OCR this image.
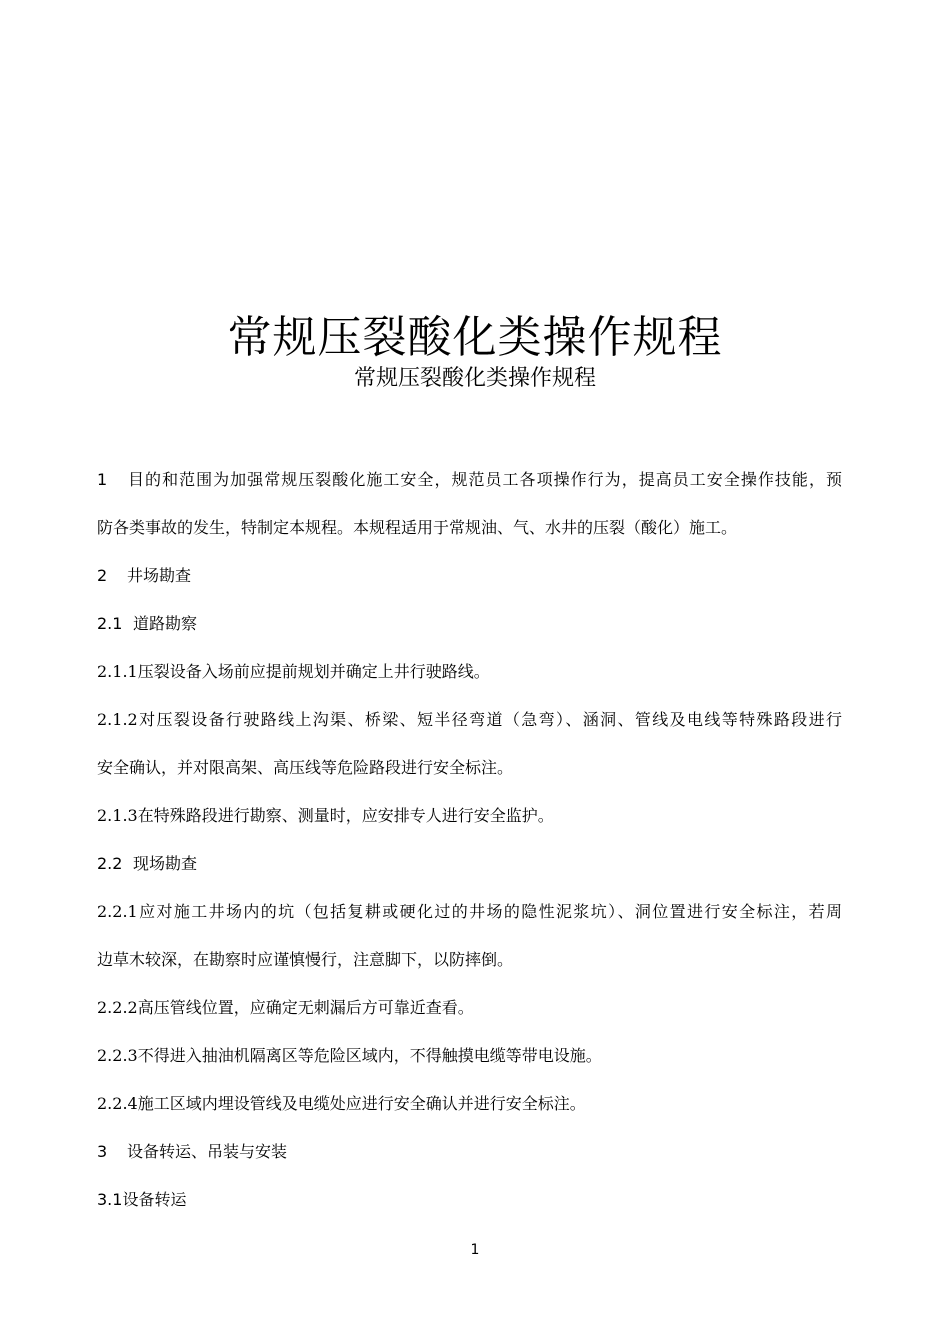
常规压裂酸化类操作规程
常规压裂酸化类操作规程
1 目的和范围为加强常规压裂酸化施工安全，规范员工各项操作行为，提高员工安全操作技能，预
防各类事故的发生，特制定本规程。本规程适用于常规油、气、水井的压裂（酸化）施工。
2 井场勘查
2.1 道路勘察
2.1.1压裂设备入场前应提前规划并确定上井行驶路线。
2.1.2对压裂设备行驶路线上沟渠、桥梁、短半径弯道（急弯）、涵洞、管线及电线等特殊路段进行
安全确认，并对限高架、高压线等危险路段进行安全标注。
2.1.3在特殊路段进行勘察、测量时，应安排专人进行安全监护。
2.2 现场勘查
2.2.1应对施工井场内的坑（包括复耕或硬化过的井场的隐性泥浆坑）、洞位置进行安全标注，若周
边草木较深，在勘察时应谨慎慢行，注意脚下，以防摔倒。
2.2.2高压管线位置，应确定无刺漏后方可靠近查看。
2.2.3不得进入抽油机隔离区等危险区域内，不得触摸电缆等带电设施。
2.2.4施工区域内埋设管线及电缆处应进行安全确认并进行安全标注。
3 设备转运、吊装与安装
3.1设备转运
1
